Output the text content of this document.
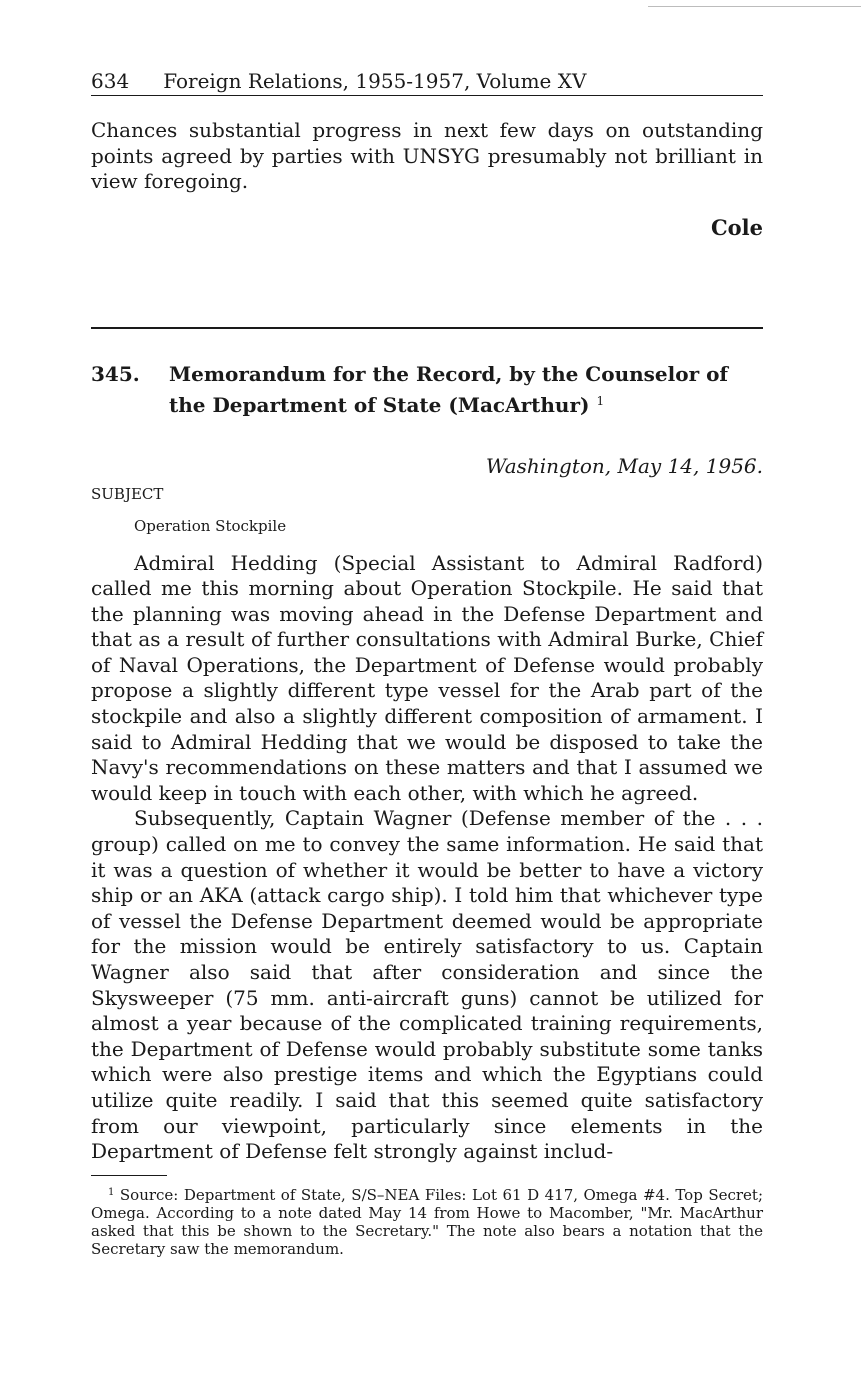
634 Foreign Relations, 1955-1957, Volume XV

Chances substantial progress in next few days on outstanding points agreed by parties with UNSYG presumably not brilliant in view foregoing.

Cole
345.	Memorandum for the Record, by the Counselor of the Department of State (MacArthur) $^1$
Washington, May 14, 1956.
SUBJECT
Operation Stockpile

Admiral Hedding (Special Assistant to Admiral Radford) called me this morning about Operation Stockpile. He said that the planning was moving ahead in the Defense Department and that as a result of further consultations with Admiral Burke, Chief of Naval Operations, the Department of Defense would probably propose a slightly different type vessel for the Arab part of the stockpile and also a slightly different composition of armament. I said to Admiral Hedding that we would be disposed to take the Navy's recommendations on these matters and that I assumed we would keep in touch with each other, with which he agreed.

Subsequently, Captain Wagner (Defense member of the . . . group) called on me to convey the same information. He said that it was a question of whether it would be better to have a victory ship or an AKA (attack cargo ship). I told him that whichever type of vessel the Defense Department deemed would be appropriate for the mission would be entirely satisfactory to us. Captain Wagner also said that after consideration and since the Skysweeper (75 mm. anti-aircraft guns) cannot be utilized for almost a year because of the complicated training requirements, the Department of Defense would probably substitute some tanks which were also prestige items and which the Egyptians could utilize quite readily. I said that this seemed quite satisfactory from our viewpoint, particularly since elements in the Department of Defense felt strongly against includ-

$^1$ Source: Department of State, S/S–NEA Files: Lot 61 D 417, Omega #4. Top Secret; Omega. According to a note dated May 14 from Howe to Macomber, "Mr. MacArthur asked that this be shown to the Secretary." The note also bears a notation that the Secretary saw the memorandum.
